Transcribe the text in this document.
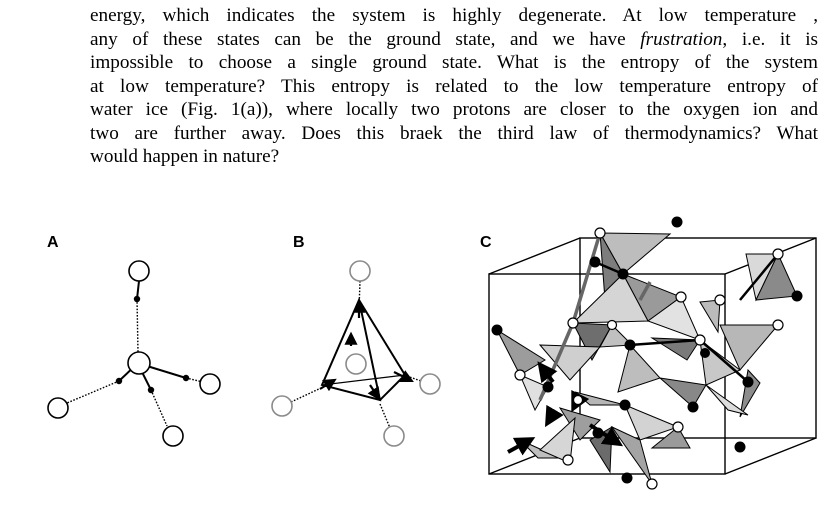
energy, which indicates the system is highly degenerate. At low temperature ,
any of these states can be the ground state, and we have frustration, i.e. it is
impossible to choose a single ground state. What is the entropy of the system
at low temperature? This entropy is related to the low temperature entropy of
water ice (Fig. 1(a)), where locally two protons are closer to the oxygen ion and
two are further away. Does this braek the third law of thermodynamics? What
would happen in nature?
A	B	C
